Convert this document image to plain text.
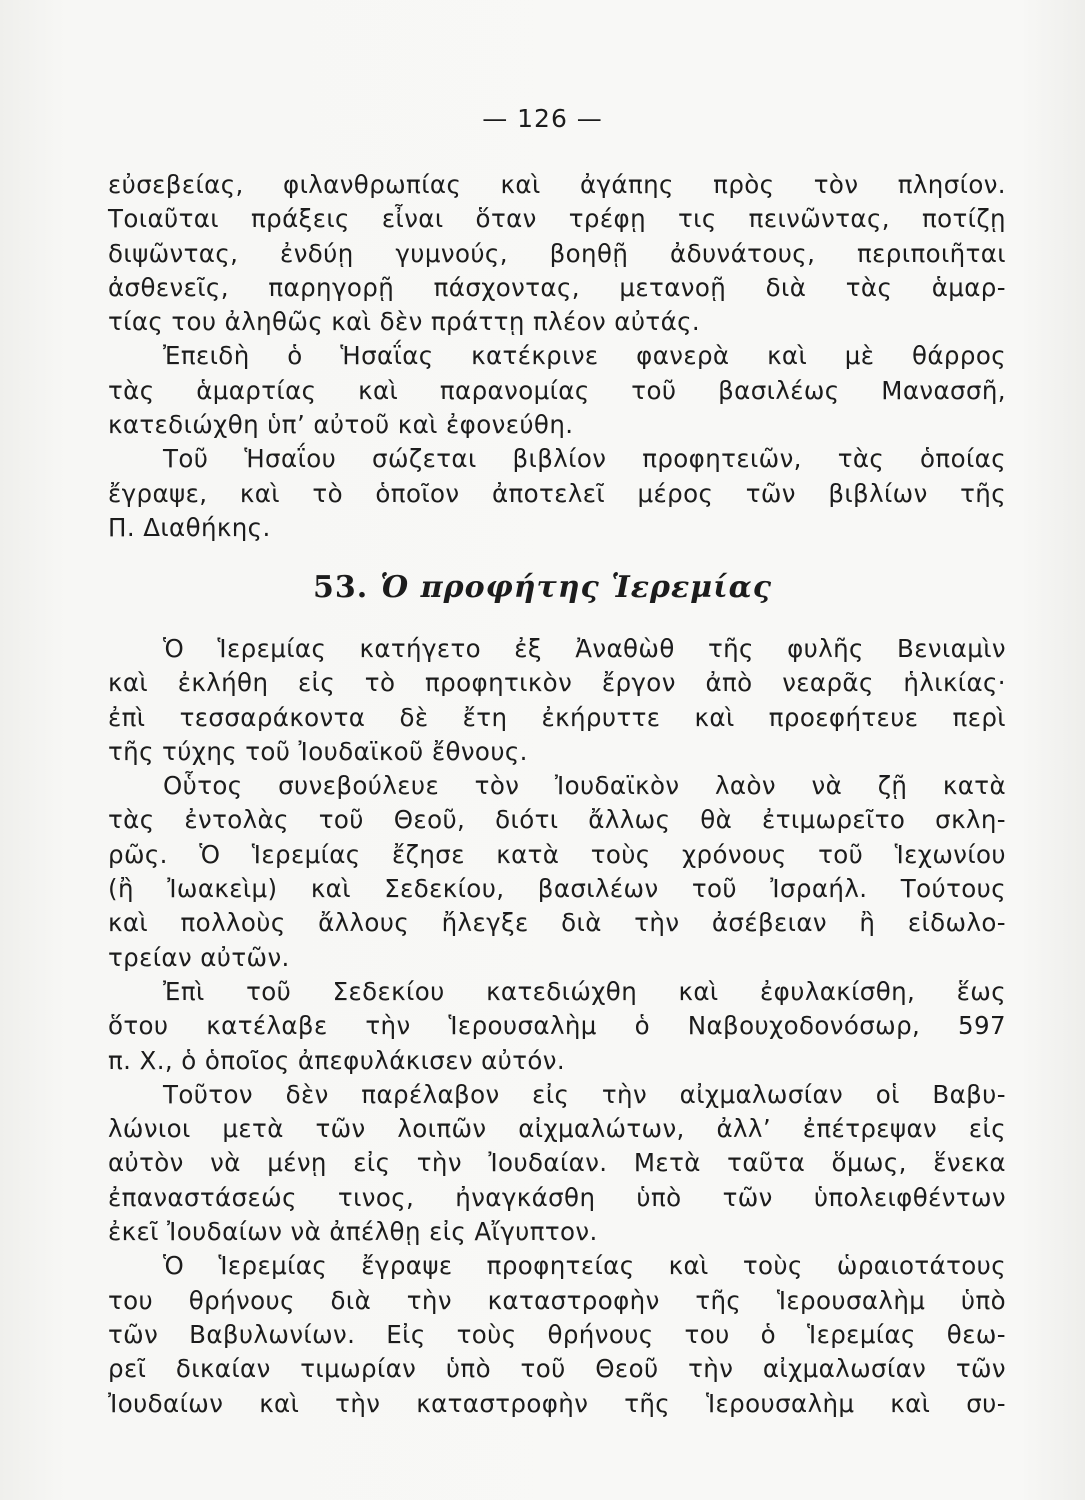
— 126 —
εὐσεβείας, φιλανθρωπίας καὶ ἀγάπης πρὸς τὸν πλησίον.
Τοιαῦται πράξεις εἶναι ὅταν τρέφῃ τις πεινῶντας, ποτίζῃ
διψῶντας, ἐνδύῃ γυμνούς, βοηθῇ ἀδυνάτους, περιποιῆται
ἀσθενεῖς, παρηγορῇ πάσχοντας, μετανοῇ διὰ τὰς ἁμαρ-
τίας του ἀληθῶς καὶ δὲν πράττῃ πλέον αὐτάς.
Ἐπειδὴ ὁ Ἡσαΐας κατέκρινε φανερὰ καὶ μὲ θάρρος
τὰς ἁμαρτίας καὶ παρανομίας τοῦ βασιλέως Μανασσῆ,
κατεδιώχθη ὑπ’ αὐτοῦ καὶ ἐφονεύθη.
Τοῦ Ἡσαΐου σώζεται βιβλίον προφητειῶν, τὰς ὁποίας
ἔγραψε, καὶ τὸ ὁποῖον ἀποτελεῖ μέρος τῶν βιβλίων τῆς
Π. Διαθήκης.
53. Ὁ προφήτης Ἱερεμίας
Ὁ Ἱερεμίας κατήγετο ἐξ Ἀναθὼθ τῆς φυλῆς Βενιαμὶν
καὶ ἐκλήθη εἰς τὸ προφητικὸν ἔργον ἀπὸ νεαρᾶς ἡλικίας·
ἐπὶ τεσσαράκοντα δὲ ἔτη ἐκήρυττε καὶ προεφήτευε περὶ
τῆς τύχης τοῦ Ἰουδαϊκοῦ ἔθνους.
Οὗτος συνεβούλευε τὸν Ἰουδαϊκὸν λαὸν νὰ ζῇ κατὰ
τὰς ἐντολὰς τοῦ Θεοῦ, διότι ἄλλως θὰ ἐτιμωρεῖτο σκλη-
ρῶς. Ὁ Ἱερεμίας ἔζησε κατὰ τοὺς χρόνους τοῦ Ἱεχωνίου
(ἢ Ἰωακεὶμ) καὶ Σεδεκίου, βασιλέων τοῦ Ἰσραήλ. Τούτους
καὶ πολλοὺς ἄλλους ἤλεγξε διὰ τὴν ἀσέβειαν ἢ εἰδωλο-
τρείαν αὐτῶν.
Ἐπὶ τοῦ Σεδεκίου κατεδιώχθη καὶ ἐφυλακίσθη, ἕως
ὅτου κατέλαβε τὴν Ἱερουσαλὴμ ὁ Ναβουχοδονόσωρ, 597
π. Χ., ὁ ὁποῖος ἀπεφυλάκισεν αὐτόν.
Τοῦτον δὲν παρέλαβον εἰς τὴν αἰχμαλωσίαν οἱ Βαβυ-
λώνιοι μετὰ τῶν λοιπῶν αἰχμαλώτων, ἀλλ’ ἐπέτρεψαν εἰς
αὐτὸν νὰ μένῃ εἰς τὴν Ἰουδαίαν. Μετὰ ταῦτα ὅμως, ἕνεκα
ἐπαναστάσεώς τινος, ἠναγκάσθη ὑπὸ τῶν ὑπολειφθέντων
ἐκεῖ Ἰουδαίων νὰ ἀπέλθῃ εἰς Αἴγυπτον.
Ὁ Ἱερεμίας ἔγραψε προφητείας καὶ τοὺς ὡραιοτάτους
του θρήνους διὰ τὴν καταστροφὴν τῆς Ἱερουσαλὴμ ὑπὸ
τῶν Βαβυλωνίων. Εἰς τοὺς θρήνους του ὁ Ἱερεμίας θεω-
ρεῖ δικαίαν τιμωρίαν ὑπὸ τοῦ Θεοῦ τὴν αἰχμαλωσίαν τῶν
Ἰουδαίων καὶ τὴν καταστροφὴν τῆς Ἱερουσαλὴμ καὶ συ-
